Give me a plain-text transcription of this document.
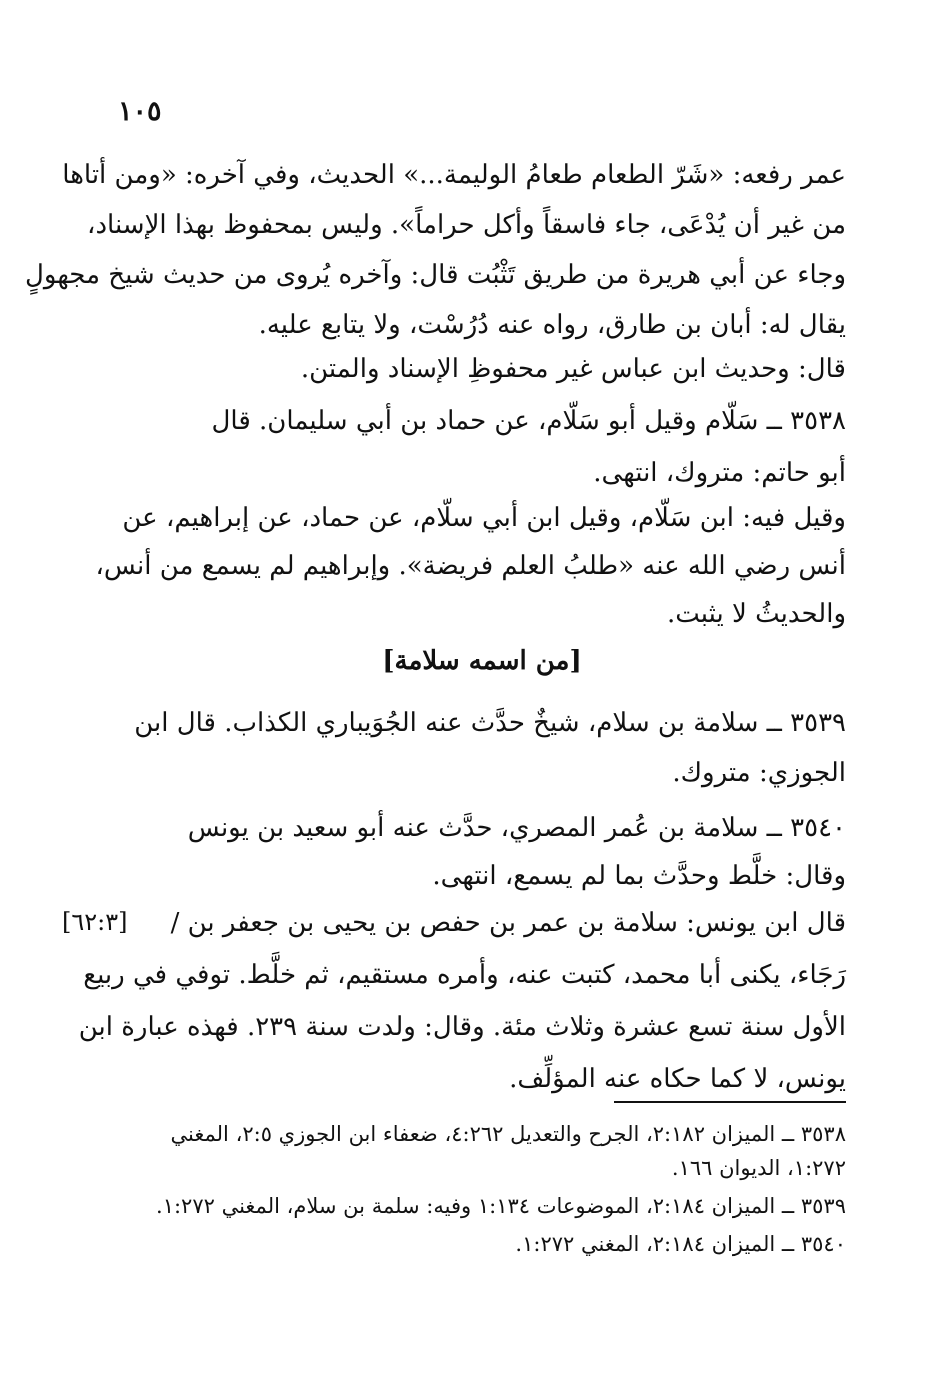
١٠٥
عمر رفعه: «شَرّ الطعام طعامُ الوليمة...» الحديث، وفي آخره: «ومن أتاها
من غير أن يُدْعَى، جاء فاسقاً وأكل حراماً». وليس بمحفوظ بهذا الإسناد،
وجاء عن أبي هريرة من طريق تَثْبُت قال: وآخره يُروى من حديث شيخ مجهولٍ
يقال له: أبان بن طارق، رواه عنه دُرُسْت، ولا يتابع عليه.
قال: وحديث ابن عباس غير محفوظِ الإسناد والمتن.
٣٥٣٨ ــ سَلّام وقيل أبو سَلّام، عن حماد بن أبي سليمان. قال
أبو حاتم: متروك، انتهى.
وقيل فيه: ابن سَلّام، وقيل ابن أبي سلّام، عن حماد، عن إبراهيم، عن
أنس رضي الله عنه «طلبُ العلم فريضة». وإبراهيم لم يسمع من أنس،
والحديثُ لا يثبت.
[من اسمه سلامة]
٣٥٣٩ ــ سلامة بن سلام، شيخٌ حدَّث عنه الجُوَيباري الكذاب. قال ابن
الجوزي: متروك.
٣٥٤٠ ــ سلامة بن عُمر المصري، حدَّث عنه أبو سعيد بن يونس
وقال: خلَّط وحدَّث بما لم يسمع، انتهى.
قال ابن يونس: سلامة بن عمر بن حفص بن يحيى بن جعفر بن /
رَجَاء، يكنى أبا محمد، كتبت عنه، وأمره مستقيم، ثم خلَّط. توفي في ربيع
الأول سنة تسع عشرة وثلاث مئة. وقال: ولدت سنة ٢٣٩. فهذه عبارة ابن
يونس، لا كما حكاه عنه المؤلِّف.
[٦٢:٣]
٣٥٣٨ ــ الميزان ٢:١٨٢، الجرح والتعديل ٤:٢٦٢، ضعفاء ابن الجوزي ٢:٥، المغني
١:٢٧٢، الديوان ١٦٦.
٣٥٣٩ ــ الميزان ٢:١٨٤، الموضوعات ١:١٣٤ وفيه: سلمة بن سلام، المغني ١:٢٧٢.
٣٥٤٠ ــ الميزان ٢:١٨٤، المغني ١:٢٧٢.
